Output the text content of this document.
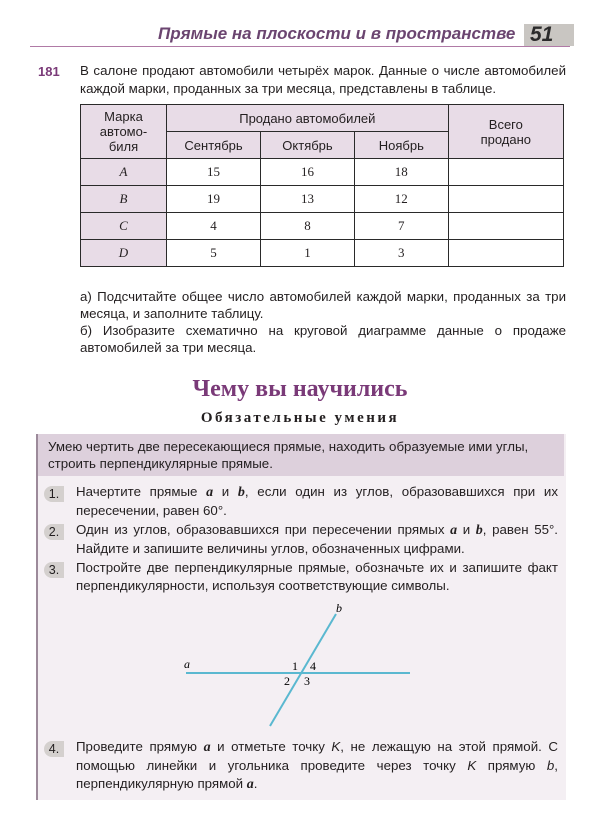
Прямые на плоскости и в пространстве 51
181 В салоне продают автомобили четырёх марок. Данные о числе автомобилей каждой марки, проданных за три месяца, представлены в таблице.
Марка
автомо-
биля	Продано автомобилей			Всего
продано
	Сентябрь	Октябрь	Ноябрь	
A	15	16	18	
B	19	13	12	
C	4	8	7	
D	5	1	3	
а) Подсчитайте общее число автомобилей каждой марки, проданных за три месяца, и заполните таблицу.
б) Изобразите схематично на круговой диаграмме данные о продаже автомобилей за три месяца.
Чему вы научились
Обязательные умения
Умею чертить две пересекающиеся прямые, находить образуемые ими углы, строить перпендикулярные прямые.
1.	Начертите прямые a и b, если один из углов, образовавшихся при их пересечении, равен 60°.
2.	Один из углов, образовавшихся при пересечении прямых a и b, равен 55°. Найдите и запишите величины углов, обозначенных цифрами.
3.	Постройте две перпендикулярные прямые, обозначьте их и запишите факт перпендикулярности, используя соответствующие символы.
a
b
1
2 3
4
4.	Проведите прямую a и отметьте точку K, не лежащую на этой прямой. С помощью линейки и угольника проведите через точку K прямую b, перпендикулярную прямой a.
